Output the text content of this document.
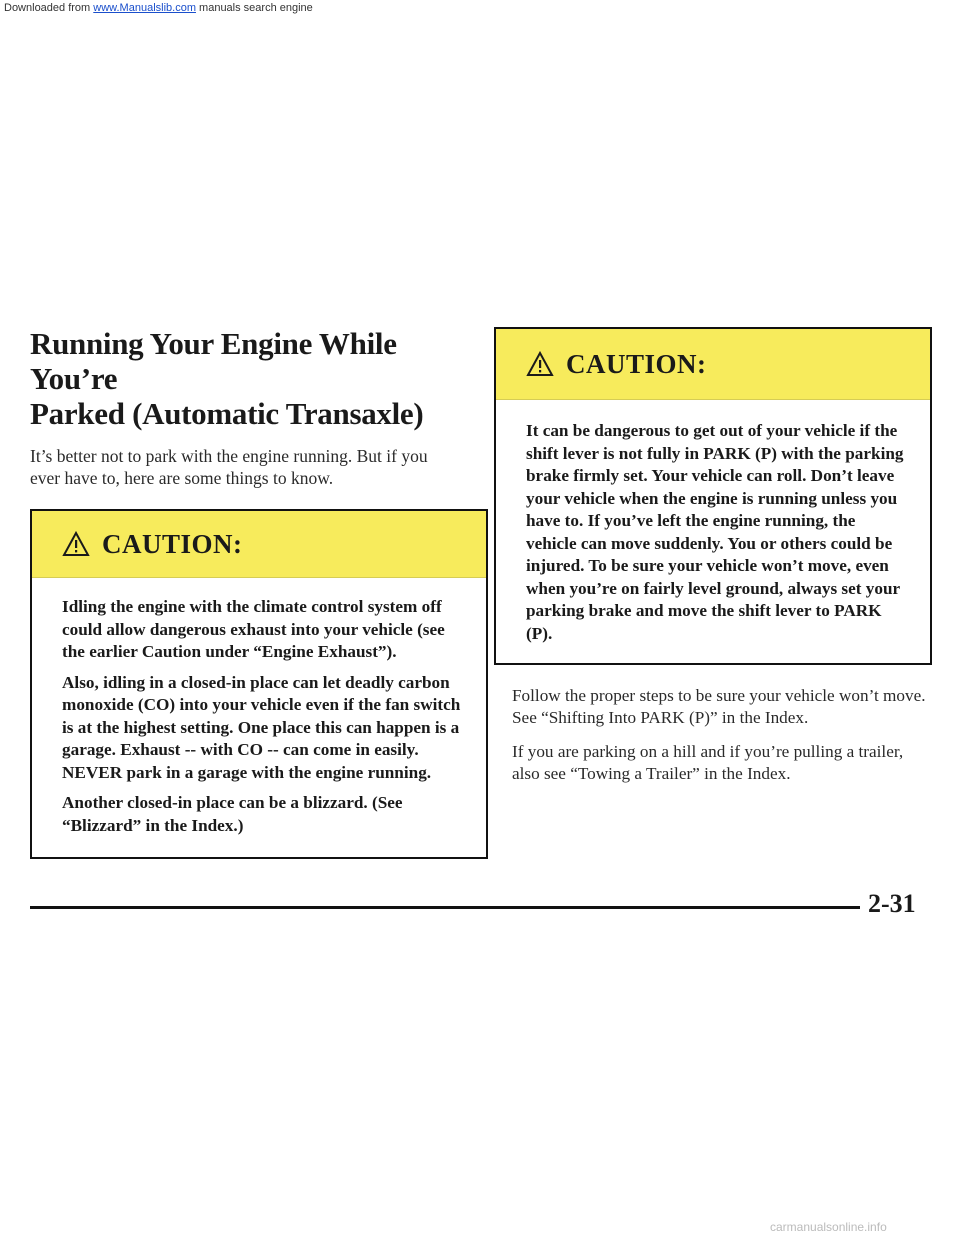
Downloaded from www.Manualslib.com manuals search engine
Running Your Engine While You’re
Parked (Automatic Transaxle)

It’s better not to park with the engine running. But if you
ever have to, here are some things to know.

CAUTION:

Idling the engine with the climate control system off could allow dangerous exhaust into your vehicle (see the earlier Caution under “Engine Exhaust”).

Also, idling in a closed-in place can let deadly carbon monoxide (CO) into your vehicle even if the fan switch is at the highest setting. One place this can happen is a garage. Exhaust -- with CO -- can come in easily. NEVER park in a garage with the engine running.

Another closed-in place can be a blizzard. (See “Blizzard” in the Index.)

CAUTION:

It can be dangerous to get out of your vehicle if the shift lever is not fully in PARK (P) with the parking brake firmly set. Your vehicle can roll. Don’t leave your vehicle when the engine is running unless you have to. If you’ve left the engine running, the vehicle can move suddenly. You or others could be injured. To be sure your vehicle won’t move, even when you’re on fairly level ground, always set your parking brake and move the shift lever to PARK (P).

Follow the proper steps to be sure your vehicle won’t move. See “Shifting Into PARK (P)” in the Index.

If you are parking on a hill and if you’re pulling a trailer, also see “Towing a Trailer” in the Index.

2-31
carmanualsonline.info
